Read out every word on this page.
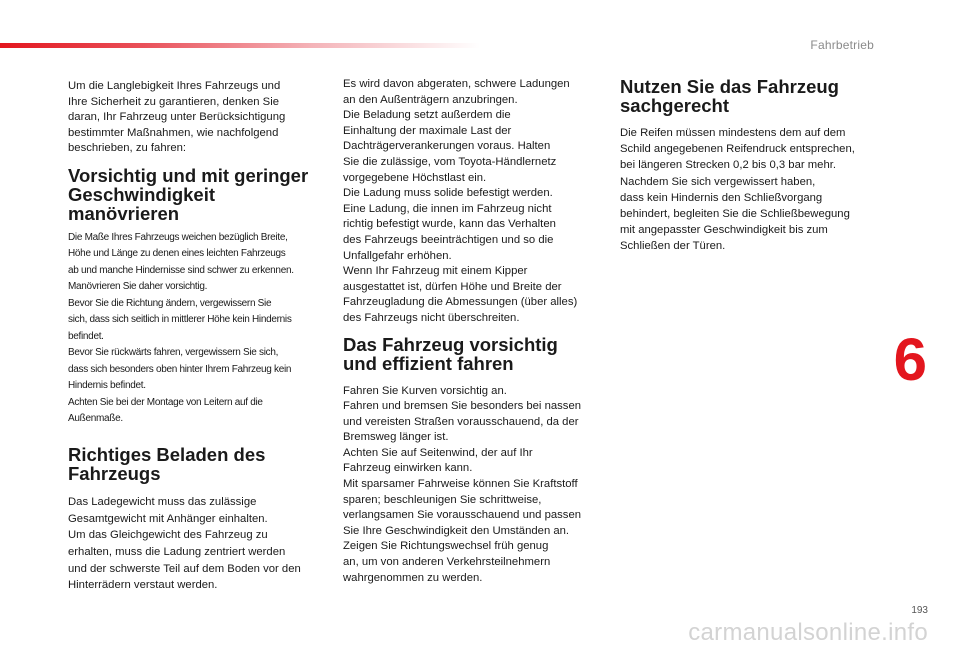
Fahrbetrieb

Um die Langlebigkeit Ihres Fahrzeugs und
Ihre Sicherheit zu garantieren, denken Sie
daran, Ihr Fahrzeug unter Berücksichtigung
bestimmter Maßnahmen, wie nachfolgend
beschrieben, zu fahren:

Vorsichtig und mit geringer
Geschwindigkeit manövrieren

Die Maße Ihres Fahrzeugs weichen bezüglich Breite,
Höhe und Länge zu denen eines leichten Fahrzeugs
ab und manche Hindernisse sind schwer zu erkennen.
Manövrieren Sie daher vorsichtig.
Bevor Sie die Richtung ändern, vergewissern Sie
sich, dass sich seitlich in mittlerer Höhe kein Hindernis
befindet.
Bevor Sie rückwärts fahren, vergewissern Sie sich,
dass sich besonders oben hinter Ihrem Fahrzeug kein
Hindernis befindet.
Achten Sie bei der Montage von Leitern auf die
Außenmaße.

Richtiges Beladen des
Fahrzeugs

Das Ladegewicht muss das zulässige
Gesamtgewicht mit Anhänger einhalten.
Um das Gleichgewicht des Fahrzeug zu
erhalten, muss die Ladung zentriert werden
und der schwerste Teil auf dem Boden vor den
Hinterrädern verstaut werden.

Es wird davon abgeraten, schwere Ladungen
an den Außenträgern anzubringen.
Die Beladung setzt außerdem die
Einhaltung der maximale Last der
Dachträgerverankerungen voraus. Halten
Sie die zulässige, vom Toyota-Händlernetz
vorgegebene Höchstlast ein.
Die Ladung muss solide befestigt werden.
Eine Ladung, die innen im Fahrzeug nicht
richtig befestigt wurde, kann das Verhalten
des Fahrzeugs beeinträchtigen und so die
Unfallgefahr erhöhen.
Wenn Ihr Fahrzeug mit einem Kipper
ausgestattet ist, dürfen Höhe und Breite der
Fahrzeugladung die Abmessungen (über alles)
des Fahrzeugs nicht überschreiten.

Das Fahrzeug vorsichtig
und effizient fahren

Fahren Sie Kurven vorsichtig an.
Fahren und bremsen Sie besonders bei nassen
und vereisten Straßen vorausschauend, da der
Bremsweg länger ist.
Achten Sie auf Seitenwind, der auf Ihr
Fahrzeug einwirken kann.
Mit sparsamer Fahrweise können Sie Kraftstoff
sparen; beschleunigen Sie schrittweise,
verlangsamen Sie vorausschauend und passen
Sie Ihre Geschwindigkeit den Umständen an.
Zeigen Sie Richtungswechsel früh genug
an, um von anderen Verkehrsteilnehmern
wahrgenommen zu werden.

Nutzen Sie das Fahrzeug
sachgerecht

Die Reifen müssen mindestens dem auf dem
Schild angegebenen Reifendruck entsprechen,
bei längeren Strecken 0,2 bis 0,3 bar mehr.
Nachdem Sie sich vergewissert haben,
dass kein Hindernis den Schließvorgang
behindert, begleiten Sie die Schließbewegung
mit angepasster Geschwindigkeit bis zum
Schließen der Türen.

6
193
carmanualsonline.info
